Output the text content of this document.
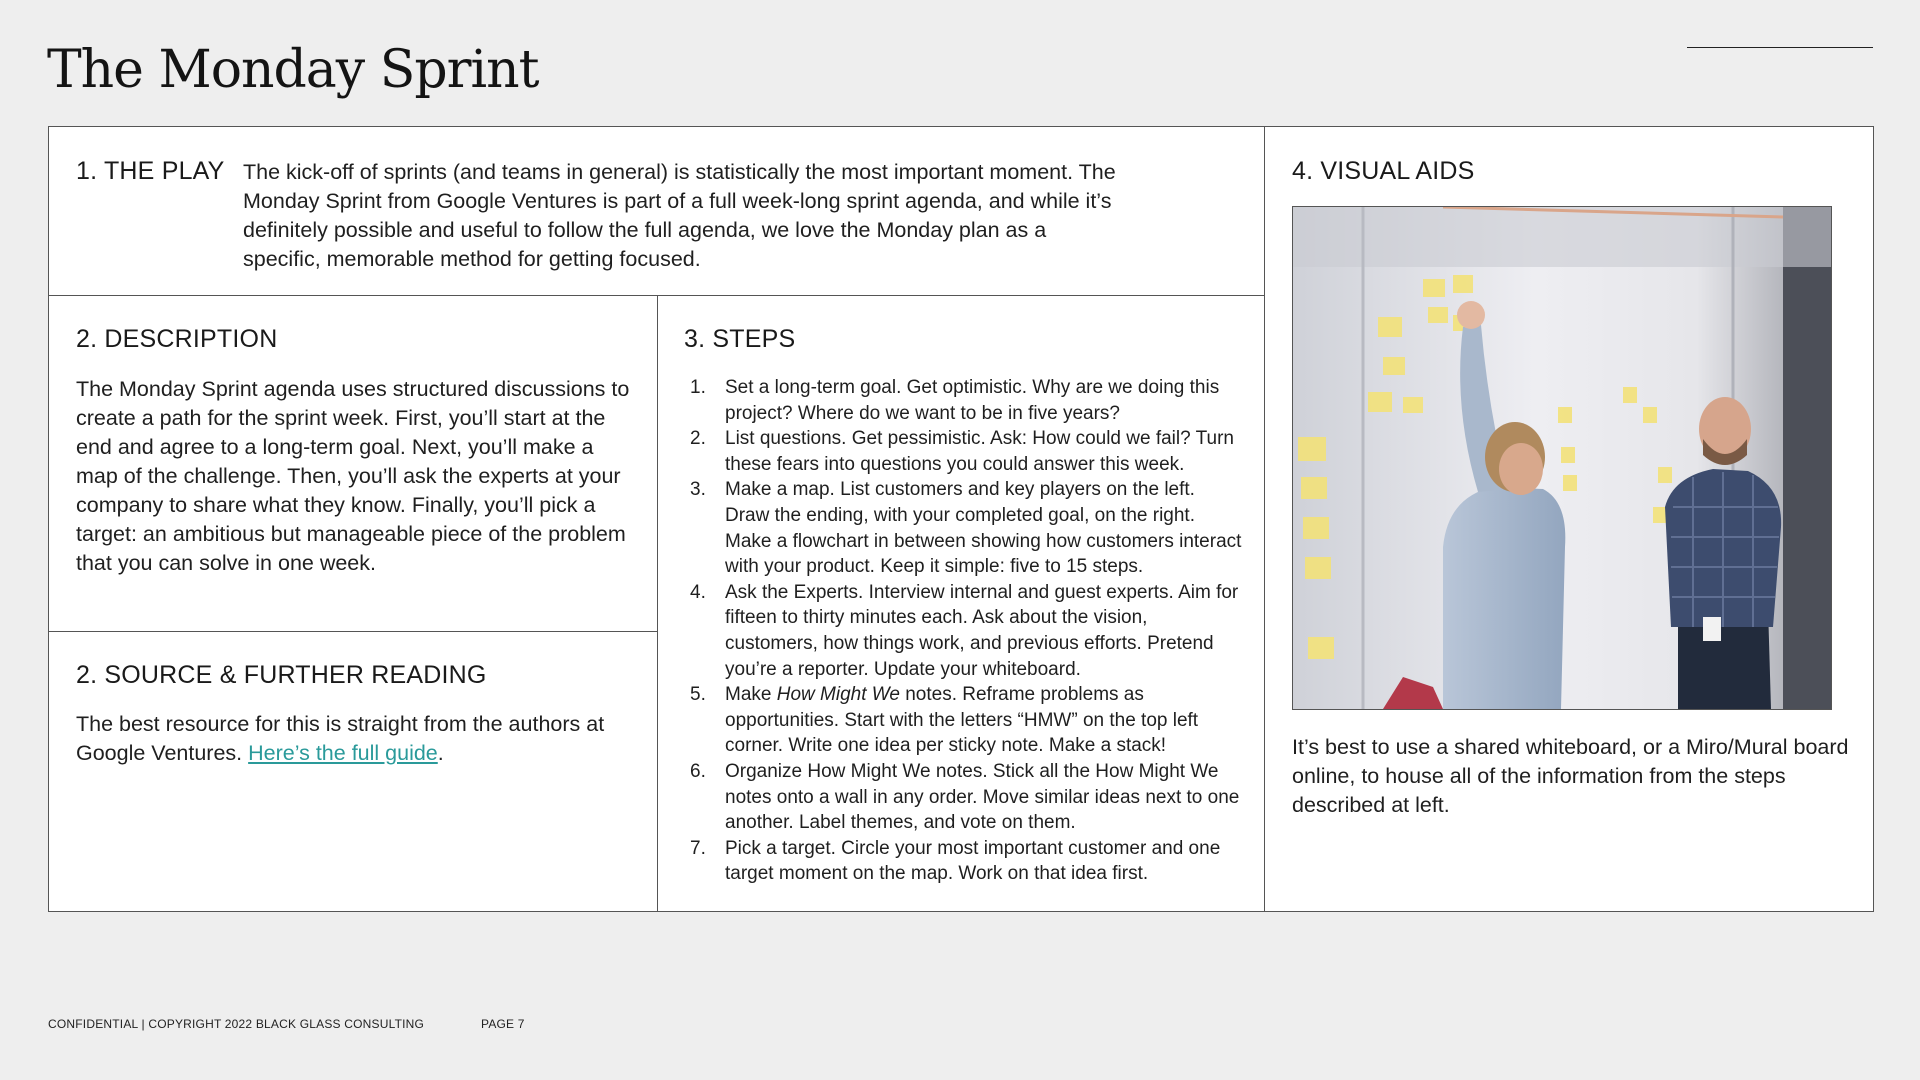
The Monday Sprint
1. THE PLAY The kick-off of sprints (and teams in general) is statistically the most important moment. The Monday Sprint from Google Ventures is part of a full week-long sprint agenda, and while it’s definitely possible and useful to follow the full agenda, we love the Monday plan as a specific, memorable method for getting focused.

2. DESCRIPTION

The Monday Sprint agenda uses structured discussions to create a path for the sprint week. First, you’ll start at the end and agree to a long-term goal. Next, you’ll make a map of the challenge. Then, you’ll ask the experts at your company to share what they know. Finally, you’ll pick a target: an ambitious but manageable piece of the problem that you can solve in one week.

2. SOURCE & FURTHER READING

The best resource for this is straight from the authors at Google Ventures. Here’s the full guide.

3. STEPS
1. Set a long-term goal. Get optimistic. Why are we doing this project? Where do we want to be in five years?
2. List questions. Get pessimistic. Ask: How could we fail? Turn these fears into questions you could answer this week.
3. Make a map. List customers and key players on the left. Draw the ending, with your completed goal, on the right. Make a flowchart in between showing how customers interact with your product. Keep it simple: five to 15 steps.
4. Ask the Experts. Interview internal and guest experts. Aim for fifteen to thirty minutes each. Ask about the vision, customers, how things work, and previous efforts. Pretend you’re a reporter. Update your whiteboard.
5. Make How Might We notes. Reframe problems as opportunities. Start with the letters “HMW” on the top left corner. Write one idea per sticky note. Make a stack!
6. Organize How Might We notes. Stick all the How Might We notes onto a wall in any order. Move similar ideas next to one another. Label themes, and vote on them.
7. Pick a target. Circle your most important customer and one target moment on the map. Work on that idea first.
4. VISUAL AIDS

It’s best to use a shared whiteboard, or a Miro/Mural board online, to house all of the information from the steps described at left.

CONFIDENTIAL | COPYRIGHT 2022 BLACK GLASS CONSULTING	PAGE 7
